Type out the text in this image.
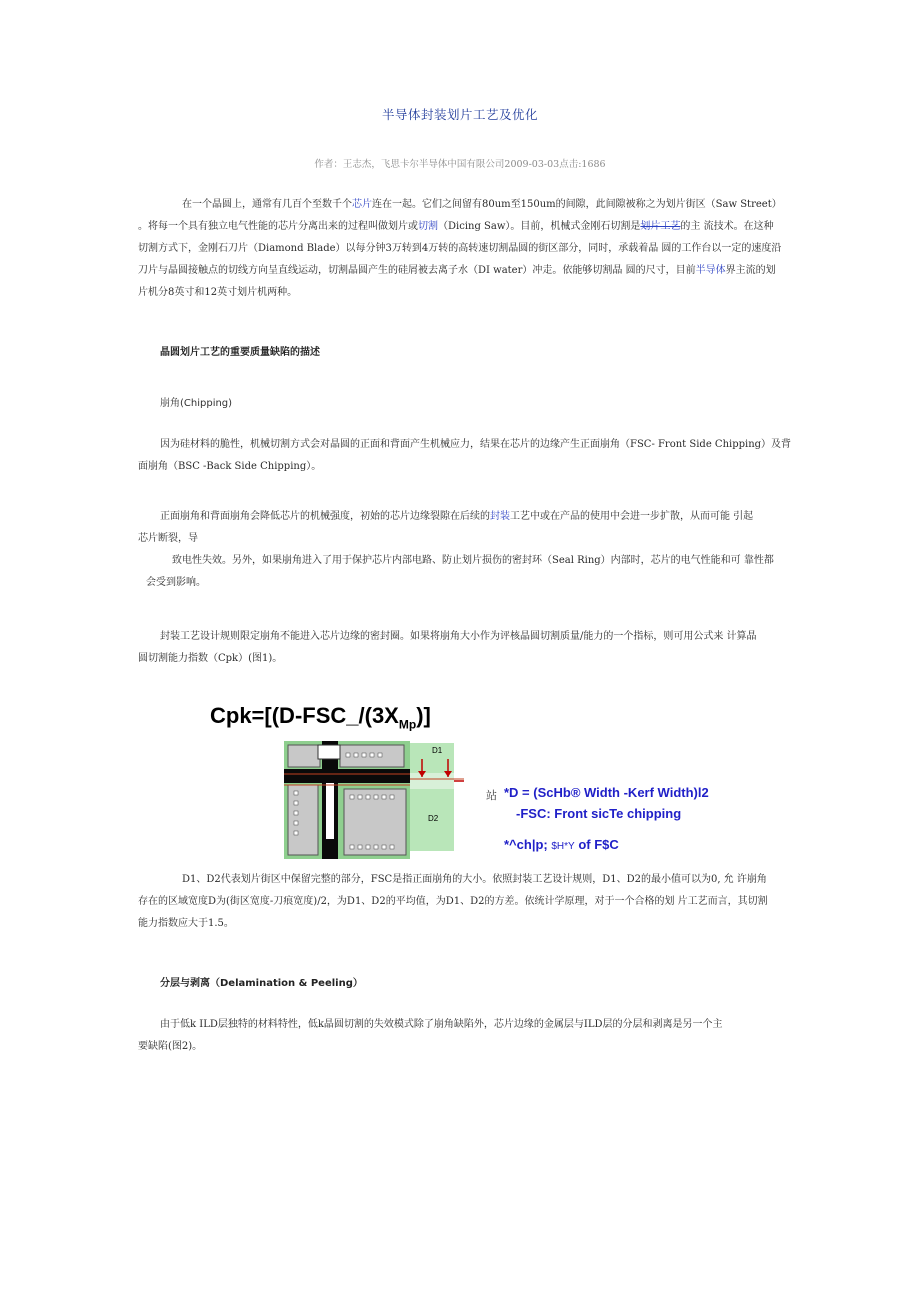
半导体封装划片工艺及优化
作者：王志杰，飞思卡尔半导体中国有限公司2009-03-03点击:1686

在一个晶圆上，通常有几百个至数千个芯片连在一起。它们之间留有80um至150um的间隙，此间隙被称之为划片街区（Saw Street）

。将每一个具有独立电气性能的芯片分离出来的过程叫做划片或切割（Dicing Saw）。目前，机械式金刚石切割是划片工艺的主 流技术。在这种

切割方式下，金刚石刀片（Diamond Blade）以每分钟3万转到4万转的高转速切割晶圆的街区部分，同时，承载着晶 圆的工作台以一定的速度沿

刀片与晶圆接触点的切线方向呈直线运动，切割晶圆产生的硅屑被去离子水（DI water）冲走。依能够切割晶 圆的尺寸，目前半导体界主流的划

片机分8英寸和12英寸划片机两种。

晶圆划片工艺的重要质量缺陷的描述
崩角(Chipping)

因为硅材料的脆性，机械切割方式会对晶圆的正面和背面产生机械应力，结果在芯片的边缘产生正面崩角（FSC- Front Side Chipping）及背

面崩角（BSC -Back Side Chipping）。

正面崩角和背面崩角会降低芯片的机械强度，初始的芯片边缘裂隙在后续的封装工艺中或在产品的使用中会进一步扩散，从而可能 引起

芯片断裂，导

致电性失效。另外，如果崩角进入了用于保护芯片内部电路、防止划片损伤的密封环（Seal Ring）内部时，芯片的电气性能和可 靠性都

会受到影响。

封装工艺设计规则限定崩角不能进入芯片边缘的密封圈。如果将崩角大小作为评核晶圆切割质量/能力的一个指标，则可用公式来 计算晶

圆切割能力指数（Cpk）(图1)。

$Cpk=[(D-FSC\_/(3X_{Mp})]$
D1
D2
站 *D = (ScHb® Width -Kerf Width)l2
-FSC: Front sicTe chipping
*^ch|p; $H*Y of F$C

D1、D2代表划片街区中保留完整的部分，FSC是指正面崩角的大小。依照封装工艺设计规则，D1、D2的最小值可以为0, 允 许崩角

存在的区域宽度D为(街区宽度-刀痕宽度)/2，为D1、D2的平均值，为D1、D2的方差。依统计学原理，对于一个合格的划 片工艺而言，其切割

能力指数应大于1.5。

分层与剥离（Delamination & Peeling）

由于低k ILD层独特的材料特性，低k晶圆切割的失效模式除了崩角缺陷外，芯片边缘的金属层与ILD层的分层和剥离是另一个主

要缺陷(图2)。
